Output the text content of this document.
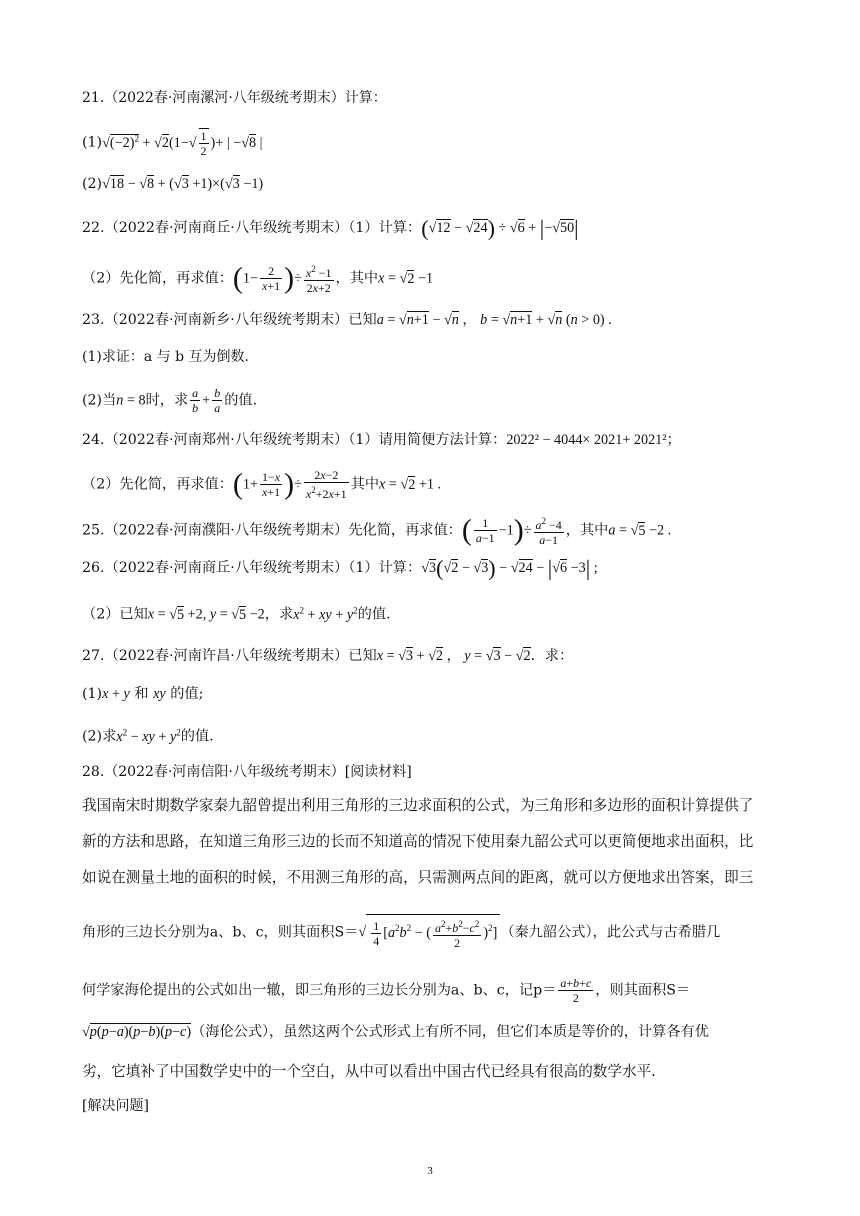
21.（2022春·河南漯河·八年级统考期末）计算：
$(1)√(-2)^2 + √2(1-√ \frac{1}{2}$ )+ | −√8 |
(2)√18 − √8 + (√3 +1)×(√3 −1)
22.（2022春·河南商丘·八年级统考期末）（1）计算：(√12 − √24) ÷ √6 + |−√50|
（2）先化简，再求值：($1- \frac{2}{x+1}$ )÷ $\frac{x^2 -1}{2x+2}$ ，其中x = √2 −1
23.（2022春·河南新乡·八年级统考期末）已知a = √n+1 − √n ， b = √n+1 + √n (n > 0) .
(1)求证：a 与 b 互为倒数.
(2)当n = 8时，求 $\frac{a}{b} + \frac{b}{a}$ 的值.
24.（2022春·河南郑州·八年级统考期末）（1）请用简便方法计算：2022² − 4044× 2021+ 2021²；
（2）先化简，再求值：($1+ \frac{1-x}{x+1}$ )÷ $\frac{2x-2}{x^2+2x+1}$ 其中x = √2 +1 .
25.（2022春·河南濮阳·八年级统考期末）先化简，再求值：( $\frac{1}{a-1} -1)\div \frac{a^2 -4}{a-1}$ ，其中a = √5 −2 .
26.（2022春·河南商丘·八年级统考期末）（1）计算：√3(√2 − √3) − √24 − |√6 −3| ;
（2）已知x = √5 +2, y = √5 −2，求$x^2$ + xy + $y^2$的值.
27.（2022春·河南许昌·八年级统考期末）已知x = √3 + √2 ， y = √3 − √2．求：
(1)x + y 和 xy 的值;
(2)求$x^2$ − xy + $y^2$的值.
28.（2022春·河南信阳·八年级统考期末）[阅读材料]
我国南宋时期数学家秦九韶曾提出利用三角形的三边求面积的公式，为三角形和多边形的面积计算提供了
新的方法和思路，在知道三角形三边的长而不知道高的情况下使用秦九韶公式可以更简便地求出面积，比
如说在测量土地的面积的时候，不用测三角形的高，只需测两点间的距离，就可以方便地求出答案，即三
角形的三边长分别为a、b、c，则其面积$S=√ \frac{1}{4} [a^2b^2$ − ( $\frac{a^2+b^2-c^2}{2} )^2$] （秦九韶公式），此公式与古希腊几
何学家海伦提出的公式如出一辙，即三角形的三边长分别为a、b、c，记$p= \frac{a+b+c}{2}$ ，则其面积S＝
√p(p−a)(p−b)(p−c)（海伦公式），虽然这两个公式形式上有所不同，但它们本质是等价的，计算各有优
劣，它填补了中国数学史中的一个空白，从中可以看出中国古代已经具有很高的数学水平.
[解决问题]
3
